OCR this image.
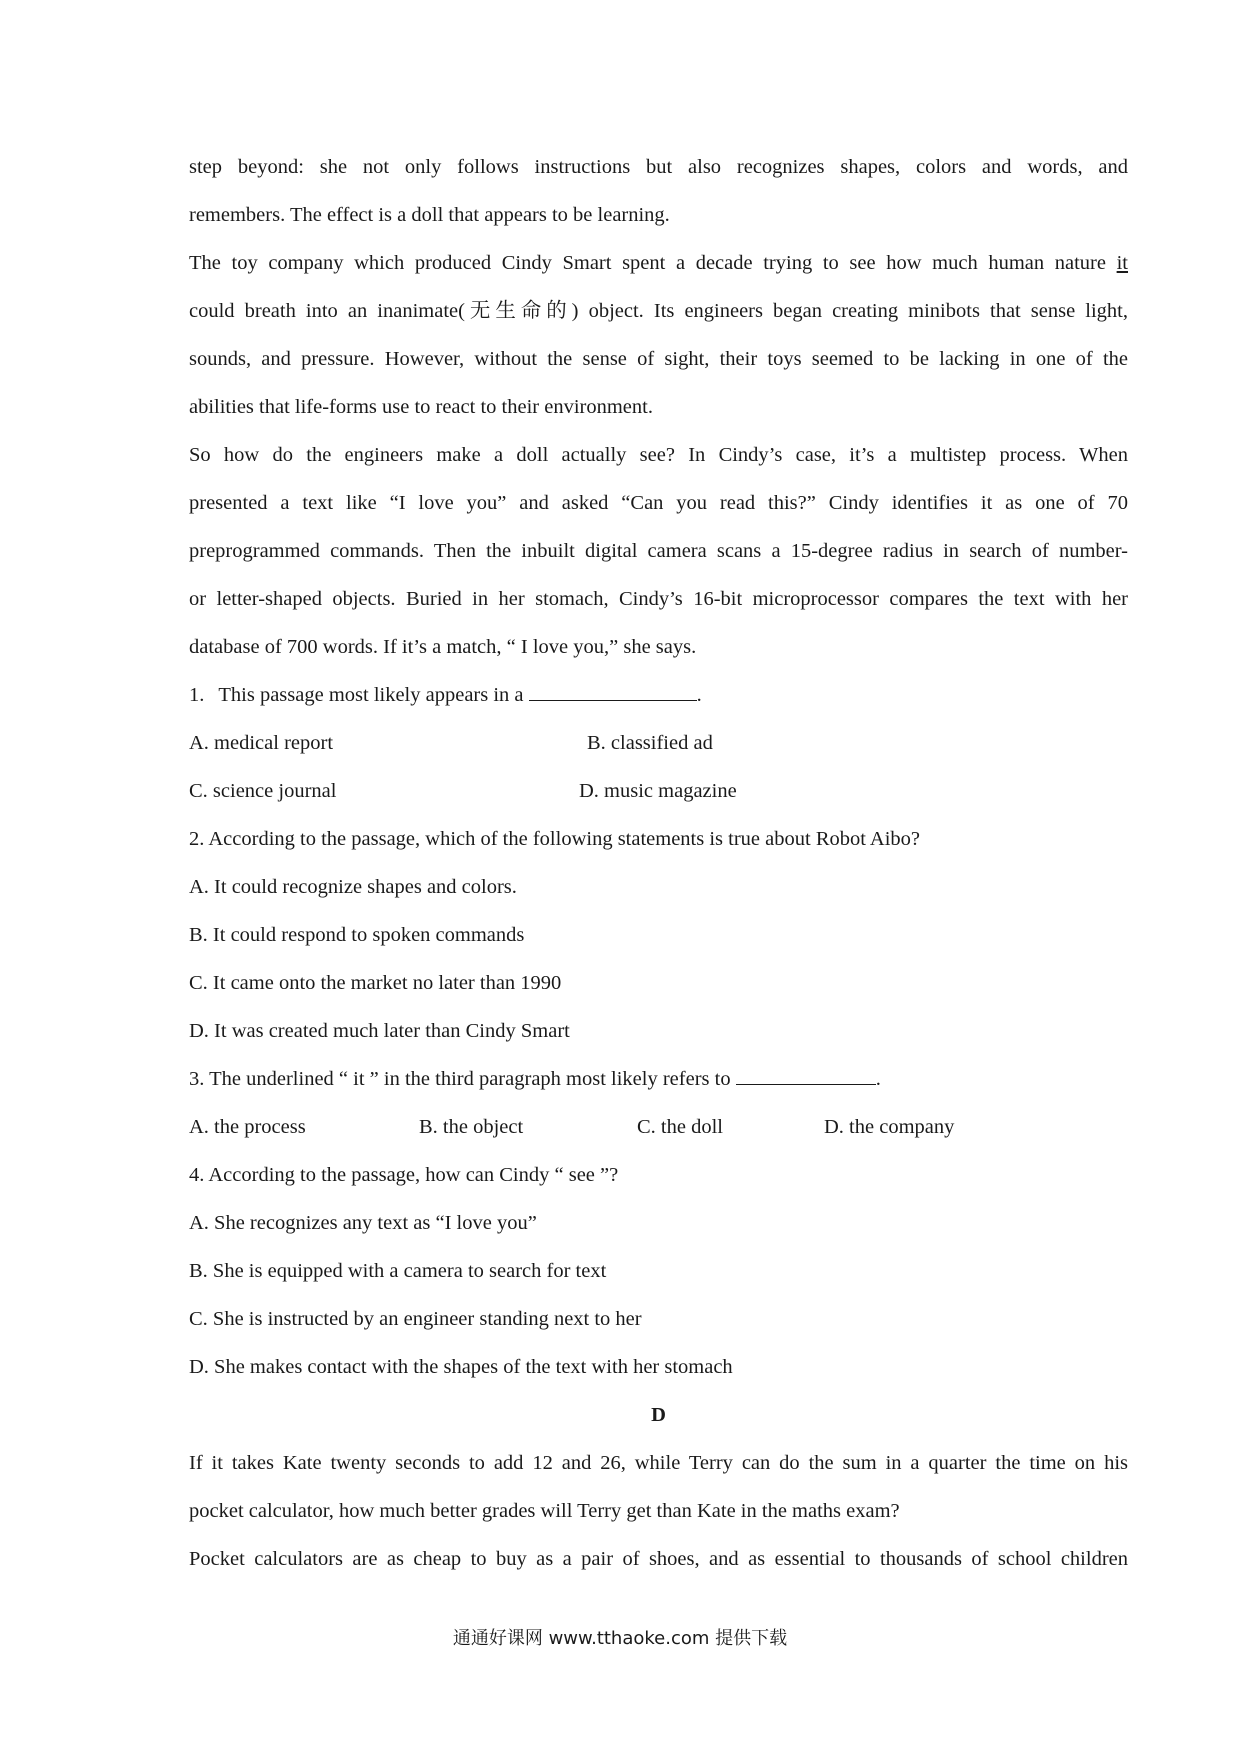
step beyond: she not only follows instructions but also recognizes shapes, colors and words, and
remembers. The effect is a doll that appears to be learning.
The toy company which produced Cindy Smart spent a decade trying to see how much human nature it
could breath into an inanimate(无生命的) object. Its engineers began creating minibots that sense light,
sounds, and pressure. However, without the sense of sight, their toys seemed to be lacking in one of the
abilities that life-forms use to react to their environment.
So how do the engineers make a doll actually see? In Cindy’s case, it’s a multistep process. When
presented a text like “I love you” and asked “Can you read this?” Cindy identifies it as one of 70
preprogrammed commands. Then the inbuilt digital camera scans a 15-degree radius in search of number-
or letter-shaped objects. Buried in her stomach, Cindy’s 16-bit microprocessor compares the text with her
database of 700 words. If it’s a match, “ I love you,” she says.
1. This passage most likely appears in a	.
A. medical report	B. classified ad
C. science journal	D. music magazine
2. According to the passage, which of the following statements is true about Robot Aibo?
A. It could recognize shapes and colors.
B. It could respond to spoken commands
C. It came onto the market no later than 1990
D. It was created much later than Cindy Smart
3. The underlined “ it ” in the third paragraph most likely refers to	.
A. the process	B. the object	C. the doll	D. the company
4. According to the passage, how can Cindy “ see ”?
A. She recognizes any text as “I love you”
B. She is equipped with a camera to search for text
C. She is instructed by an engineer standing next to her
D. She makes contact with the shapes of the text with her stomach
D
If it takes Kate twenty seconds to add 12 and 26, while Terry can do the sum in a quarter the time on his
pocket calculator, how much better grades will Terry get than Kate in the maths exam?
Pocket calculators are as cheap to buy as a pair of shoes, and as essential to thousands of school children
通通好课网 www.tthaoke.com 提供下载
